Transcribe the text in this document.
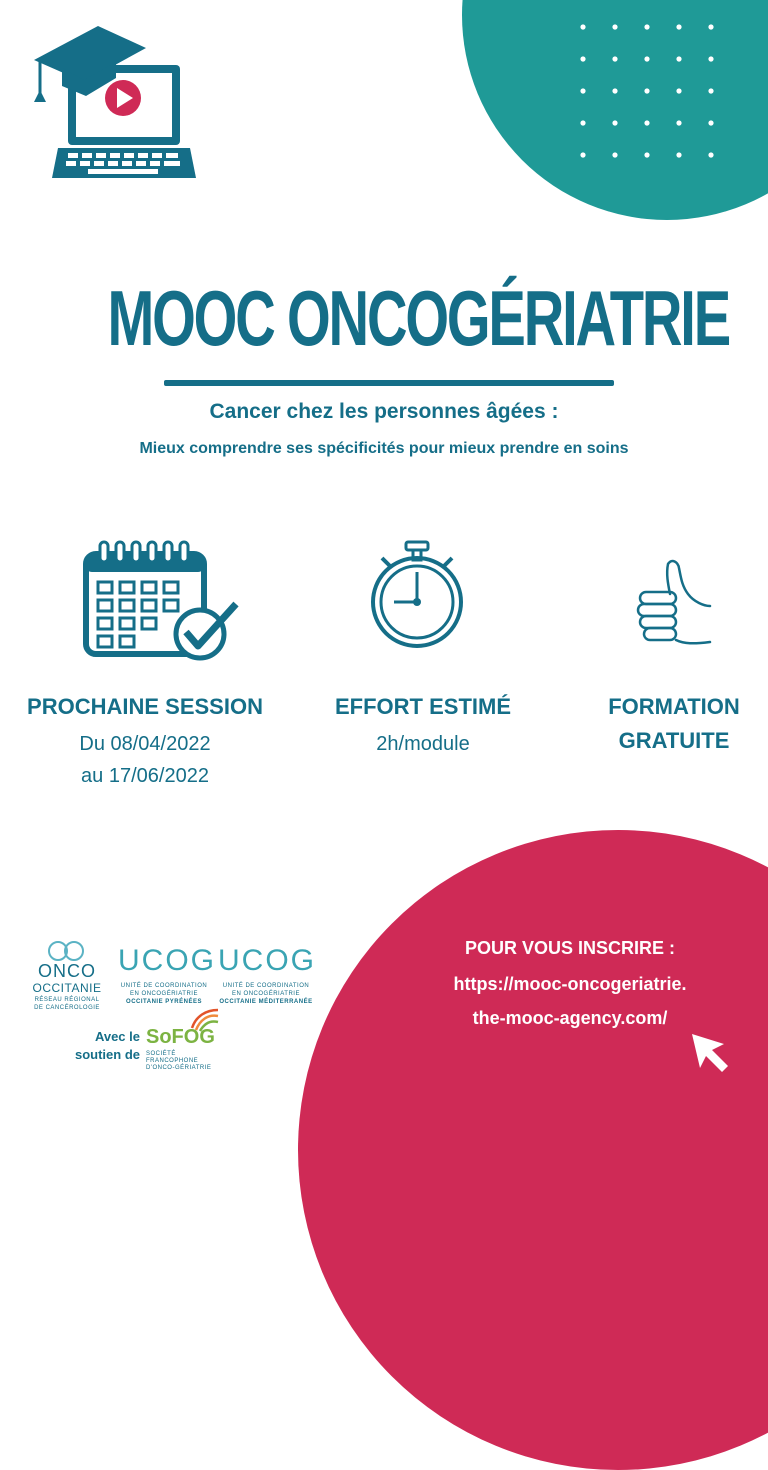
MOOC ONCOGÉRIATRIE
Cancer chez les personnes âgées :
Mieux comprendre ses spécificités pour mieux prendre en soins
PROCHAINE SESSION
Du 08/04/2022
au 17/06/2022
EFFORT ESTIMÉ
2h/module
FORMATION
GRATUITE
POUR VOUS INSCRIRE :
https://mooc-oncogeriatrie.
the-mooc-agency.com/
ONCO
OCCITANIE
RÉSEAU RÉGIONAL
DE CANCÉROLOGIE
UCOG
UNITÉ DE COORDINATION
EN ONCOGÉRIATRIE
OCCITANIE PYRÉNÉES
UCOG
UNITÉ DE COORDINATION
EN ONCOGÉRIATRIE
OCCITANIE MÉDITERRANÉE
Avec le
soutien de
SoFOG
SOCIÉTÉ
FRANCOPHONE
D'ONCO-GÉRIATRIE
